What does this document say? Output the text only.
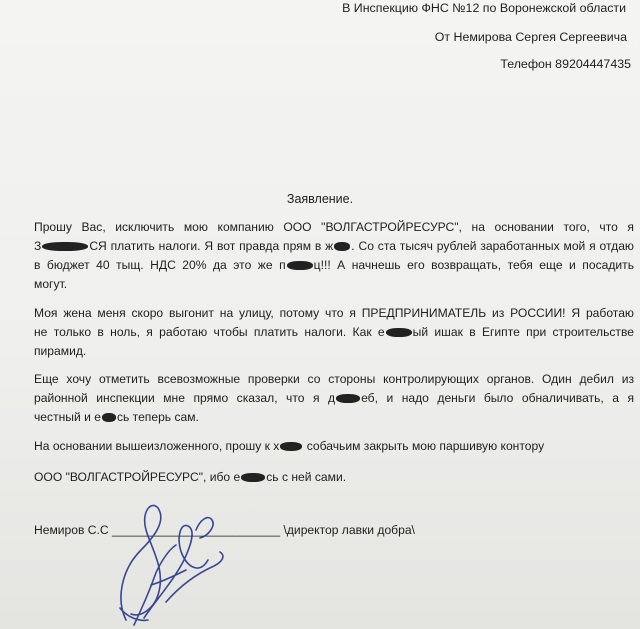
В Инспекцию ФНС №12 по Воронежской области
От Немирова Сергея Сергеевича
Телефон 89204447435
Заявление.
Прошу Вас, исключить мою компанию ООО "ВОЛГАСТРОЙРЕСУРС", на основании того, что я
З	СЯ платить налоги. Я вот правда прям в ж . Со ста тысяч рублей заработанных мой я отдаю
в бюджет 40 тыщ. НДС 20% да это же п ц!!! А начнешь его возвращать, тебя еще и посадить
могут.
Моя жена меня скоро выгонит на улицу, потому что я ПРЕДПРИНИМАТЕЛЬ из РОССИИ! Я работаю
не только в ноль, я работаю чтобы платить налоги. Как е ый ишак в Египте при строительстве
пирамид.
Еще хочу отметить всевозможные проверки со стороны контролирующих органов. Один дебил из
районной инспекции мне прямо сказал, что я д еб, и надо деньги было обналичивать, а я
честный и е сь теперь сам.
На основании вышеизложенного, прошу к х собачьим закрыть мою паршивую контору
ООО "ВОЛГАСТРОЙРЕСУРС", ибо е сь с ней сами.
Немиров С.С _________________________ \директор лавки добра\
